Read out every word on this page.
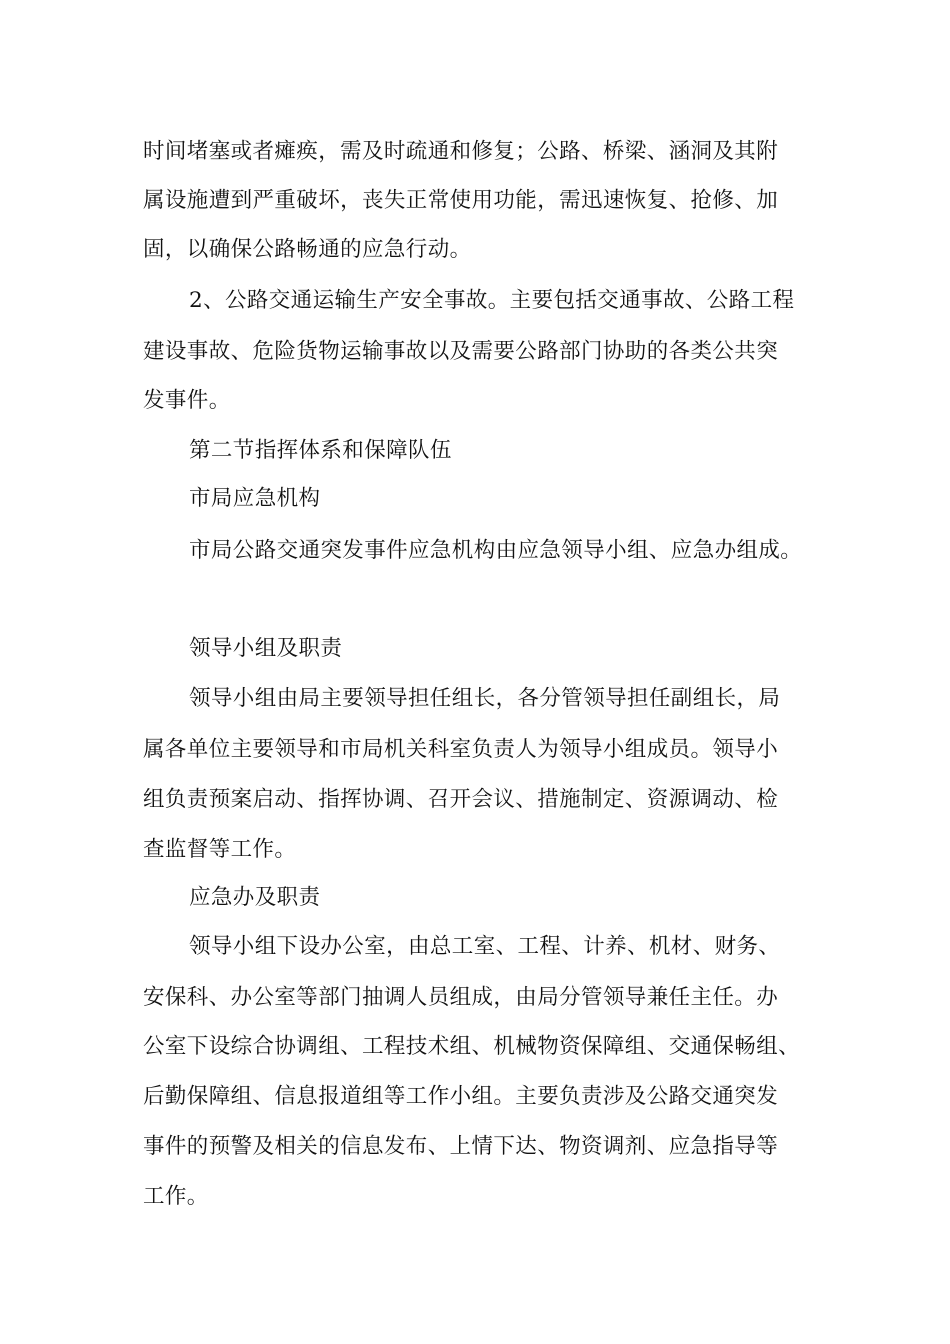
时间堵塞或者瘫痪，需及时疏通和修复；公路、桥梁、涵洞及其附
属设施遭到严重破坏，丧失正常使用功能，需迅速恢复、抢修、加
固，以确保公路畅通的应急行动。
2、公路交通运输生产安全事故。主要包括交通事故、公路工程
建设事故、危险货物运输事故以及需要公路部门协助的各类公共突
发事件。
第二节指挥体系和保障队伍
市局应急机构
市局公路交通突发事件应急机构由应急领导小组、应急办组成。
领导小组及职责
领导小组由局主要领导担任组长，各分管领导担任副组长，局
属各单位主要领导和市局机关科室负责人为领导小组成员。领导小
组负责预案启动、指挥协调、召开会议、措施制定、资源调动、检
查监督等工作。
应急办及职责
领导小组下设办公室，由总工室、工程、计养、机材、财务、
安保科、办公室等部门抽调人员组成，由局分管领导兼任主任。办
公室下设综合协调组、工程技术组、机械物资保障组、交通保畅组、
后勤保障组、信息报道组等工作小组。主要负责涉及公路交通突发
事件的预警及相关的信息发布、上情下达、物资调剂、应急指导等
工作。
